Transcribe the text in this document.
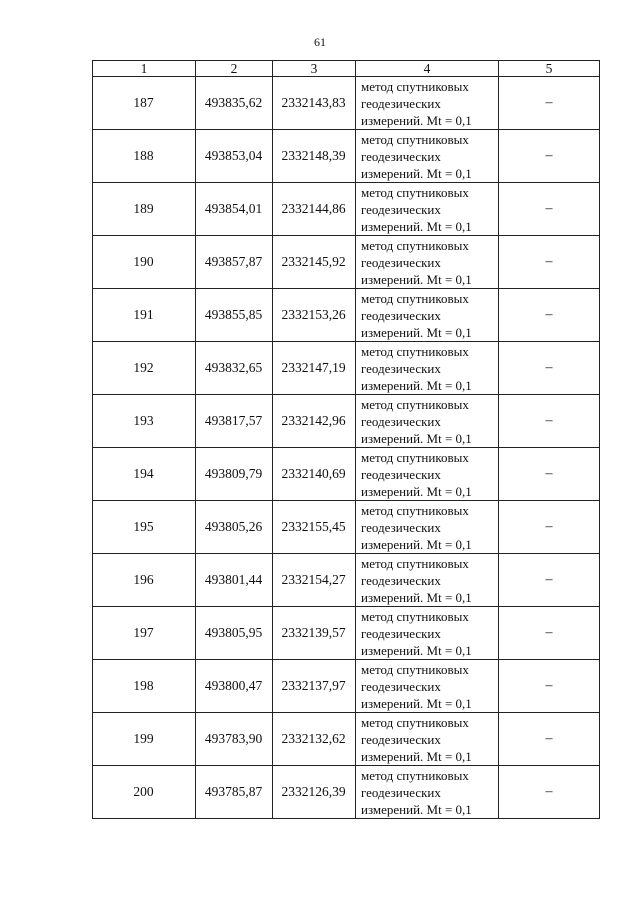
61
1	2	3	4	5
187	493835,62	2332143,83	метод спутниковых
геодезических
измерений. Mt = 0,1	–
188	493853,04	2332148,39	метод спутниковых
геодезических
измерений. Mt = 0,1	–
189	493854,01	2332144,86	метод спутниковых
геодезических
измерений. Mt = 0,1	–
190	493857,87	2332145,92	метод спутниковых
геодезических
измерений. Mt = 0,1	–
191	493855,85	2332153,26	метод спутниковых
геодезических
измерений. Mt = 0,1	–
192	493832,65	2332147,19	метод спутниковых
геодезических
измерений. Mt = 0,1	–
193	493817,57	2332142,96	метод спутниковых
геодезических
измерений. Mt = 0,1	–
194	493809,79	2332140,69	метод спутниковых
геодезических
измерений. Mt = 0,1	–
195	493805,26	2332155,45	метод спутниковых
геодезических
измерений. Mt = 0,1	–
196	493801,44	2332154,27	метод спутниковых
геодезических
измерений. Mt = 0,1	–
197	493805,95	2332139,57	метод спутниковых
геодезических
измерений. Mt = 0,1	–
198	493800,47	2332137,97	метод спутниковых
геодезических
измерений. Mt = 0,1	–
199	493783,90	2332132,62	метод спутниковых
геодезических
измерений. Mt = 0,1	–
200	493785,87	2332126,39	метод спутниковых
геодезических
измерений. Mt = 0,1	–
